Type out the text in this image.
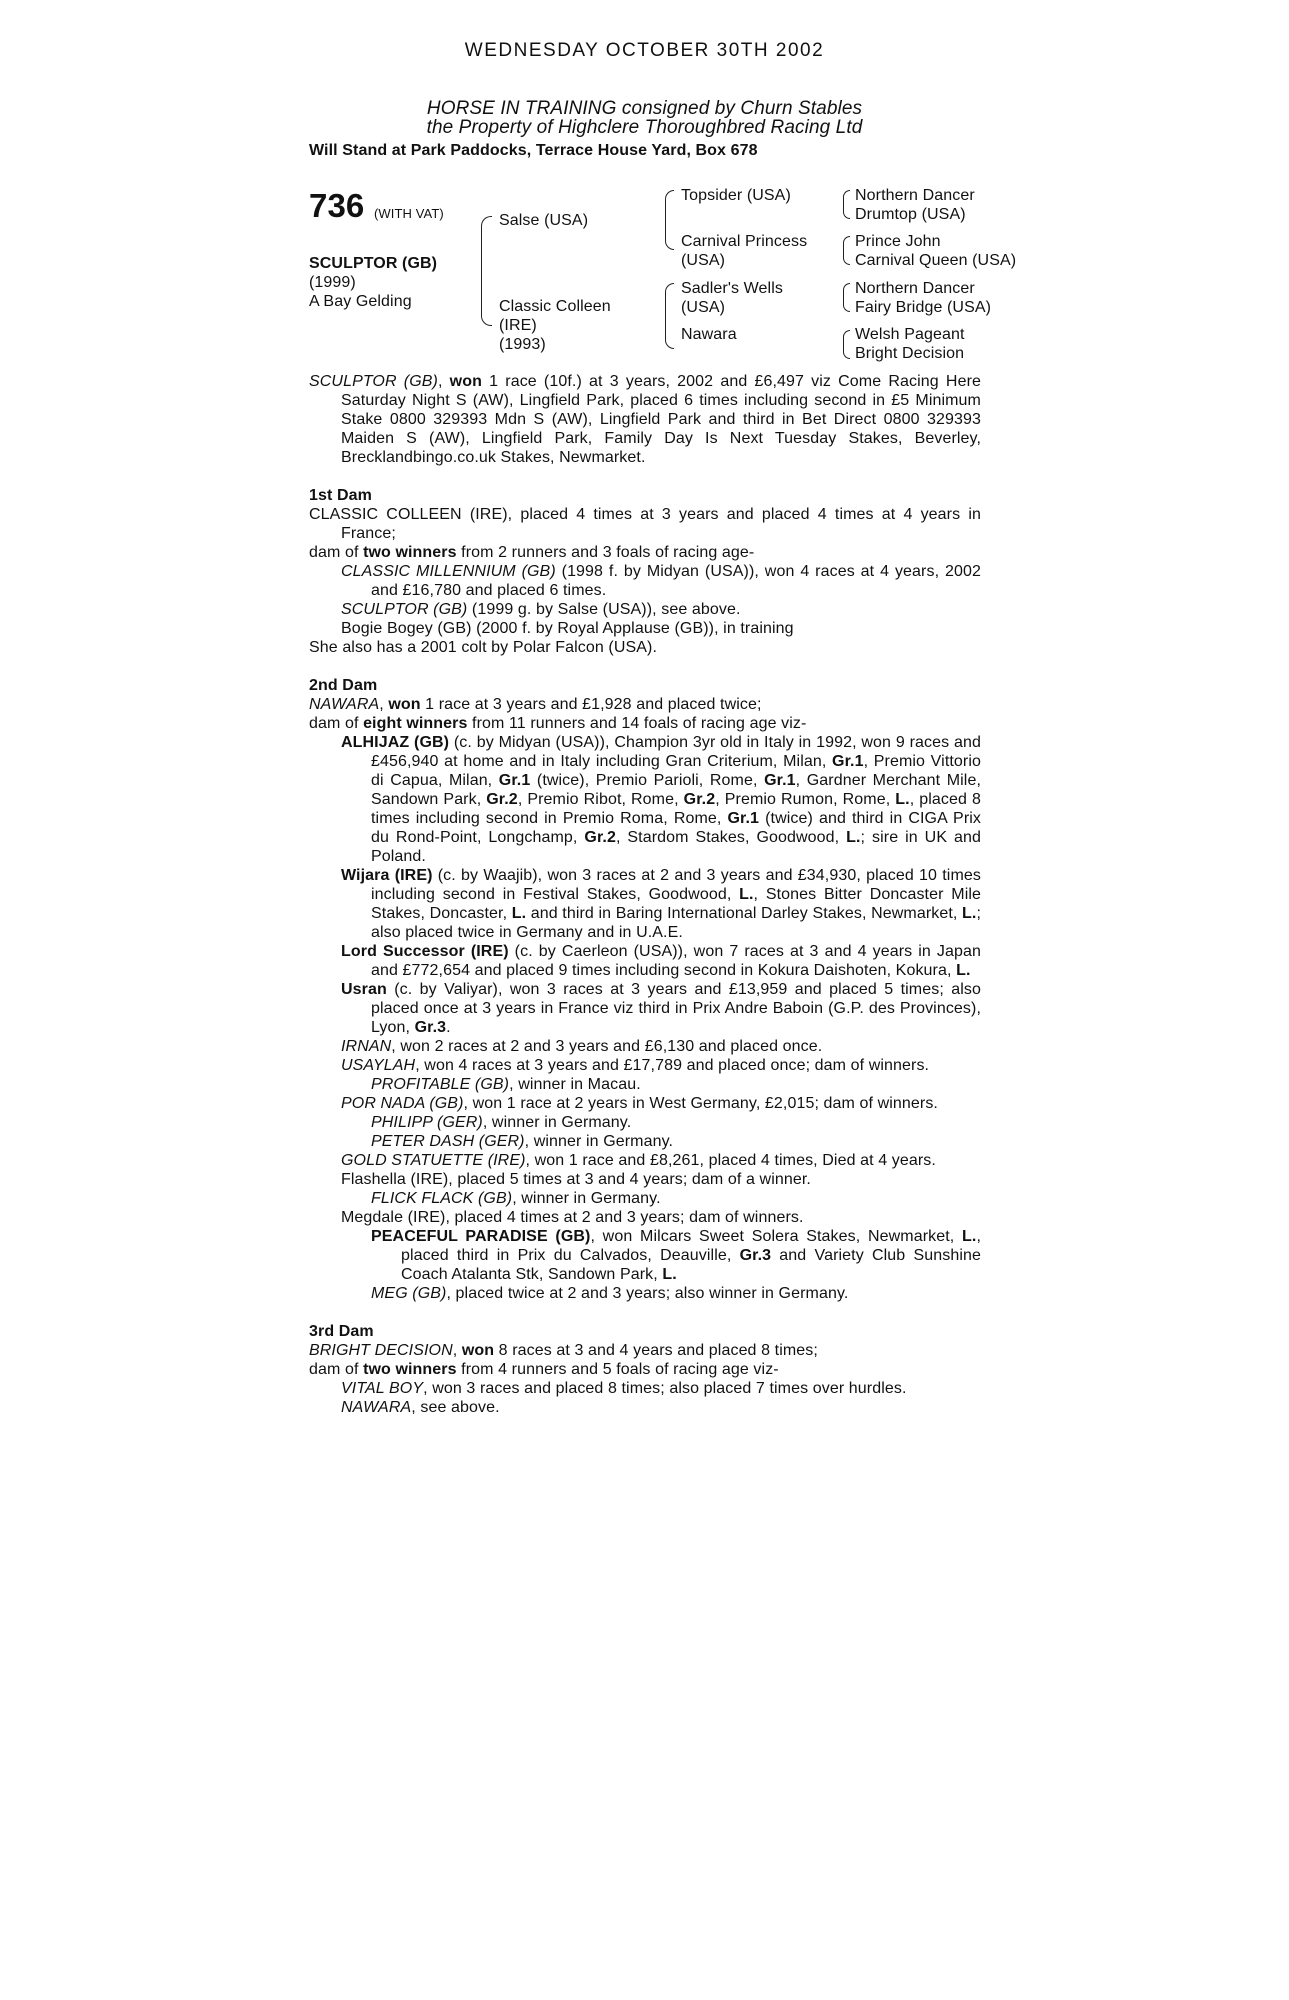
WEDNESDAY OCTOBER 30TH 2002
HORSE IN TRAINING consigned by Churn Stables
the Property of Highclere Thoroughbred Racing Ltd
Will Stand at Park Paddocks, Terrace House Yard, Box 678
736 (WITH VAT)
SCULPTOR (GB)
(1999)
A Bay Gelding
Salse (USA)
Classic Colleen
(IRE)
(1993)
Topsider (USA)
Carnival Princess
(USA)
Sadler's Wells
(USA)
Nawara
Northern Dancer
Drumtop (USA)
Prince John
Carnival Queen (USA)
Northern Dancer
Fairy Bridge (USA)
Welsh Pageant
Bright Decision

SCULPTOR (GB), won 1 race (10f.) at 3 years, 2002 and £6,497 viz Come Racing Here Saturday Night S (AW), Lingfield Park, placed 6 times including second in £5 Minimum Stake 0800 329393 Mdn S (AW), Lingfield Park and third in Bet Direct 0800 329393 Maiden S (AW), Lingfield Park, Family Day Is Next Tuesday Stakes, Beverley, Brecklandbingo.co.uk Stakes, Newmarket.

1st Dam

CLASSIC COLLEEN (IRE), placed 4 times at 3 years and placed 4 times at 4 years in France;

dam of two winners from 2 runners and 3 foals of racing age-

CLASSIC MILLENNIUM (GB) (1998 f. by Midyan (USA)), won 4 races at 4 years, 2002 and £16,780 and placed 6 times.

SCULPTOR (GB) (1999 g. by Salse (USA)), see above.

Bogie Bogey (GB) (2000 f. by Royal Applause (GB)), in training

She also has a 2001 colt by Polar Falcon (USA).

2nd Dam

NAWARA, won 1 race at 3 years and £1,928 and placed twice;

dam of eight winners from 11 runners and 14 foals of racing age viz-

ALHIJAZ (GB) (c. by Midyan (USA)), Champion 3yr old in Italy in 1992, won 9 races and £456,940 at home and in Italy including Gran Criterium, Milan, Gr.1, Premio Vittorio di Capua, Milan, Gr.1 (twice), Premio Parioli, Rome, Gr.1, Gardner Merchant Mile, Sandown Park, Gr.2, Premio Ribot, Rome, Gr.2, Premio Rumon, Rome, L., placed 8 times including second in Premio Roma, Rome, Gr.1 (twice) and third in CIGA Prix du Rond-Point, Longchamp, Gr.2, Stardom Stakes, Goodwood, L.; sire in UK and Poland.

Wijara (IRE) (c. by Waajib), won 3 races at 2 and 3 years and £34,930, placed 10 times including second in Festival Stakes, Goodwood, L., Stones Bitter Doncaster Mile Stakes, Doncaster, L. and third in Baring International Darley Stakes, Newmarket, L.; also placed twice in Germany and in U.A.E.

Lord Successor (IRE) (c. by Caerleon (USA)), won 7 races at 3 and 4 years in Japan and £772,654 and placed 9 times including second in Kokura Daishoten, Kokura, L.

Usran (c. by Valiyar), won 3 races at 3 years and £13,959 and placed 5 times; also placed once at 3 years in France viz third in Prix Andre Baboin (G.P. des Provinces), Lyon, Gr.3.

IRNAN, won 2 races at 2 and 3 years and £6,130 and placed once.

USAYLAH, won 4 races at 3 years and £17,789 and placed once; dam of winners.

PROFITABLE (GB), winner in Macau.

POR NADA (GB), won 1 race at 2 years in West Germany, £2,015; dam of winners.

PHILIPP (GER), winner in Germany.

PETER DASH (GER), winner in Germany.

GOLD STATUETTE (IRE), won 1 race and £8,261, placed 4 times, Died at 4 years.

Flashella (IRE), placed 5 times at 3 and 4 years; dam of a winner.

FLICK FLACK (GB), winner in Germany.

Megdale (IRE), placed 4 times at 2 and 3 years; dam of winners.

PEACEFUL PARADISE (GB), won Milcars Sweet Solera Stakes, Newmarket, L., placed third in Prix du Calvados, Deauville, Gr.3 and Variety Club Sunshine Coach Atalanta Stk, Sandown Park, L.

MEG (GB), placed twice at 2 and 3 years; also winner in Germany.

3rd Dam

BRIGHT DECISION, won 8 races at 3 and 4 years and placed 8 times;

dam of two winners from 4 runners and 5 foals of racing age viz-

VITAL BOY, won 3 races and placed 8 times; also placed 7 times over hurdles.

NAWARA, see above.
